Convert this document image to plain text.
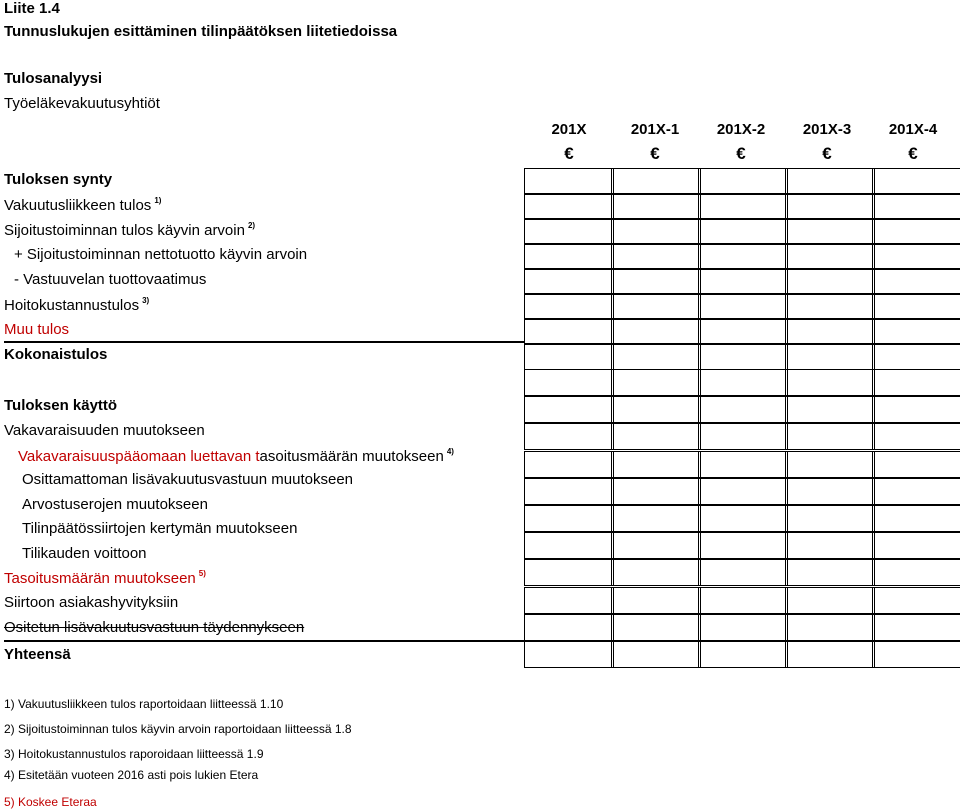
Liite 1.4
Tunnuslukujen esittäminen tilinpäätöksen liitetiedoissa
Tulosanalyysi
Työeläkevakuutusyhtiöt
201X	201X-1	201X-2	201X-3	201X-4
€	€	€	€	€
Tuloksen synty
Vakuutusliikkeen tulos $^{1)}$
Sijoitustoiminnan tulos käyvin arvoin $^{2)}$
+ Sijoitustoiminnan nettotuotto käyvin arvoin
- Vastuuvelan tuottovaatimus
Hoitokustannustulos $^{3)}$
Muu tulos
Kokonaistulos
Tuloksen käyttö
Vakavaraisuuden muutokseen
Vakavaraisuuspääomaan luettavan tasoitusmäärän muutokseen $^{4)}$
Osittamattoman lisävakuutusvastuun muutokseen
Arvostuserojen muutokseen
Tilinpäätössiirtojen kertymän muutokseen
Tilikauden voittoon
Tasoitusmäärän muutokseen $^{5)}$
Siirtoon asiakashyvityksiin
Ositetun lisävakuutusvastuun täydennykseen
Yhteensä
1) Vakuutusliikkeen tulos raportoidaan liitteessä 1.10
2) Sijoitustoiminnan tulos käyvin arvoin raportoidaan liitteessä 1.8
3) Hoitokustannustulos raporoidaan liitteessä 1.9
4) Esitetään vuoteen 2016 asti pois lukien Etera
5) Koskee Eteraa
